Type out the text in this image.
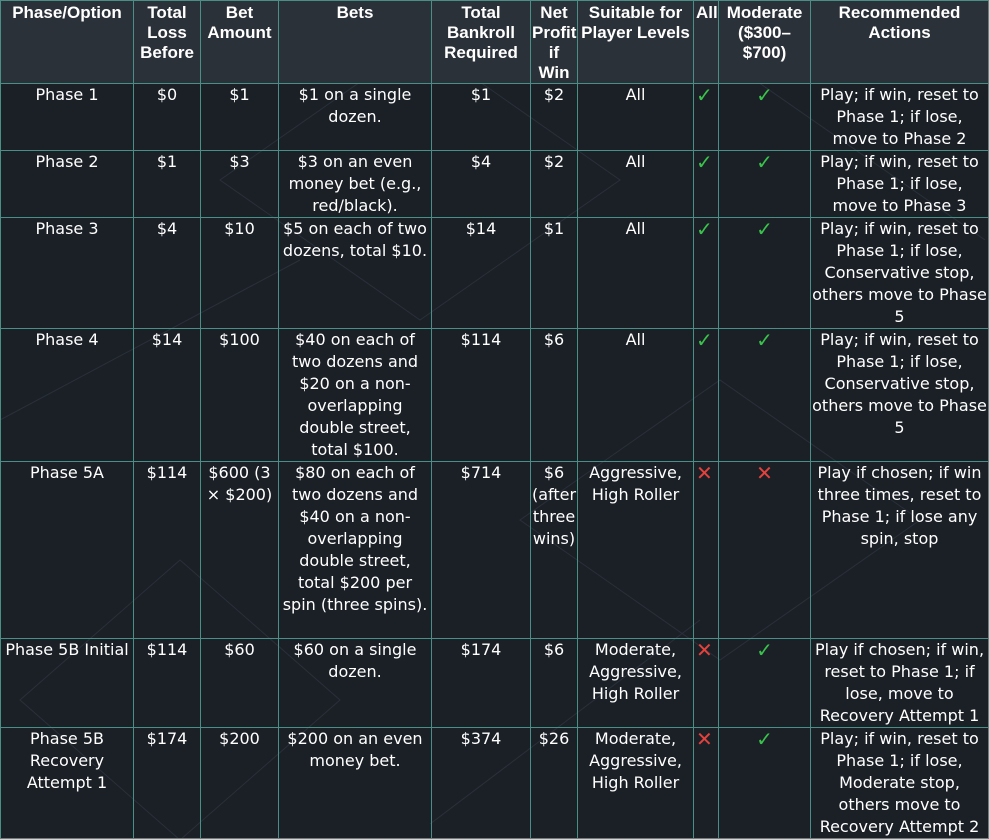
Phase/Option	Total Loss Before	Bet Amount	Bets	Total Bankroll Required	Net Profit if Win	Suitable for Player Levels	All	Moderate ($300–$700)	Recommended Actions
Phase 1	$0	$1	$1 on a single dozen.	$1	$2	All	✓	✓	Play; if win, reset to Phase 1; if lose, move to Phase 2
Phase 2	$1	$3	$3 on an even money bet (e.g., red/black).	$4	$2	All	✓	✓	Play; if win, reset to Phase 1; if lose, move to Phase 3
Phase 3	$4	$10	$5 on each of two dozens, total $10.	$14	$1	All	✓	✓	Play; if win, reset to Phase 1; if lose, Conservative stop, others move to Phase 5
Phase 4	$14	$100	$40 on each of two dozens and $20 on a non-overlapping double street, total $100.	$114	$6	All	✓	✓	Play; if win, reset to Phase 1; if lose, Conservative stop, others move to Phase 5
Phase 5A	$114	$600 (3 × $200)	$80 on each of two dozens and $40 on a non-overlapping double street, total $200 per spin (three spins).	$714	$6 (after three wins)	Aggressive, High Roller	✕	✕	Play if chosen; if win three times, reset to Phase 1; if lose any spin, stop
Phase 5B Initial	$114	$60	$60 on a single dozen.	$174	$6	Moderate, Aggressive, High Roller	✕	✓	Play if chosen; if win, reset to Phase 1; if lose, move to Recovery Attempt 1
Phase 5B Recovery Attempt 1	$174	$200	$200 on an even money bet.	$374	$26	Moderate, Aggressive, High Roller	✕	✓	Play; if win, reset to Phase 1; if lose, Moderate stop, others move to Recovery Attempt 2
